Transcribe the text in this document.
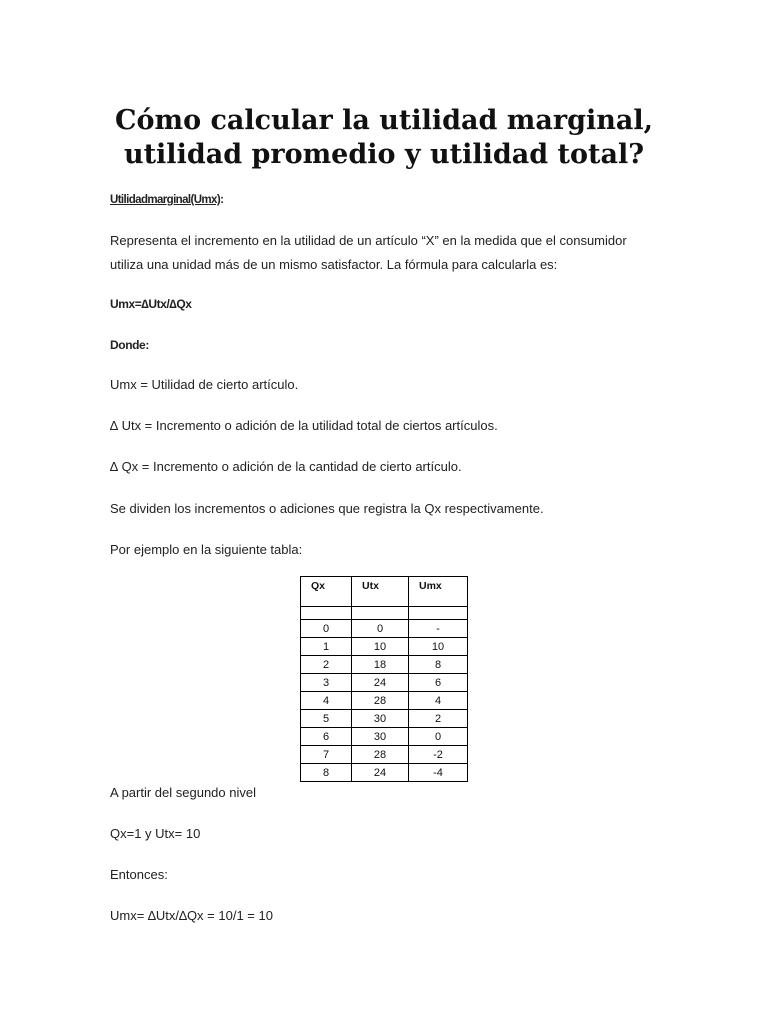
Cómo calcular la utilidad marginal,
utilidad promedio y utilidad total?

Utilidadmarginal(Umx):

Representa el incremento en la utilidad de un artículo “X” en la medida que el consumidor
utiliza una unidad más de un mismo satisfactor. La fórmula para calcularla es:

Umx=∆Utx/∆Qx

Donde:

Umx = Utilidad de cierto artículo.

∆ Utx = Incremento o adición de la utilidad total de ciertos artículos.

∆ Qx = Incremento o adición de la cantidad de cierto artículo.

Se dividen los incrementos o adiciones que registra la Qx respectivamente.

Por ejemplo en la siguiente tabla:

Qx	Utx	Umx

0	0	-
1	10	10
2	18	8
3	24	6
4	28	4
5	30	2
6	30	0
7	28	-2
8	24	-4

A partir del segundo nivel

Qx=1 y Utx= 10

Entonces:

Umx= ∆Utx/∆Qx = 10/1 = 10
